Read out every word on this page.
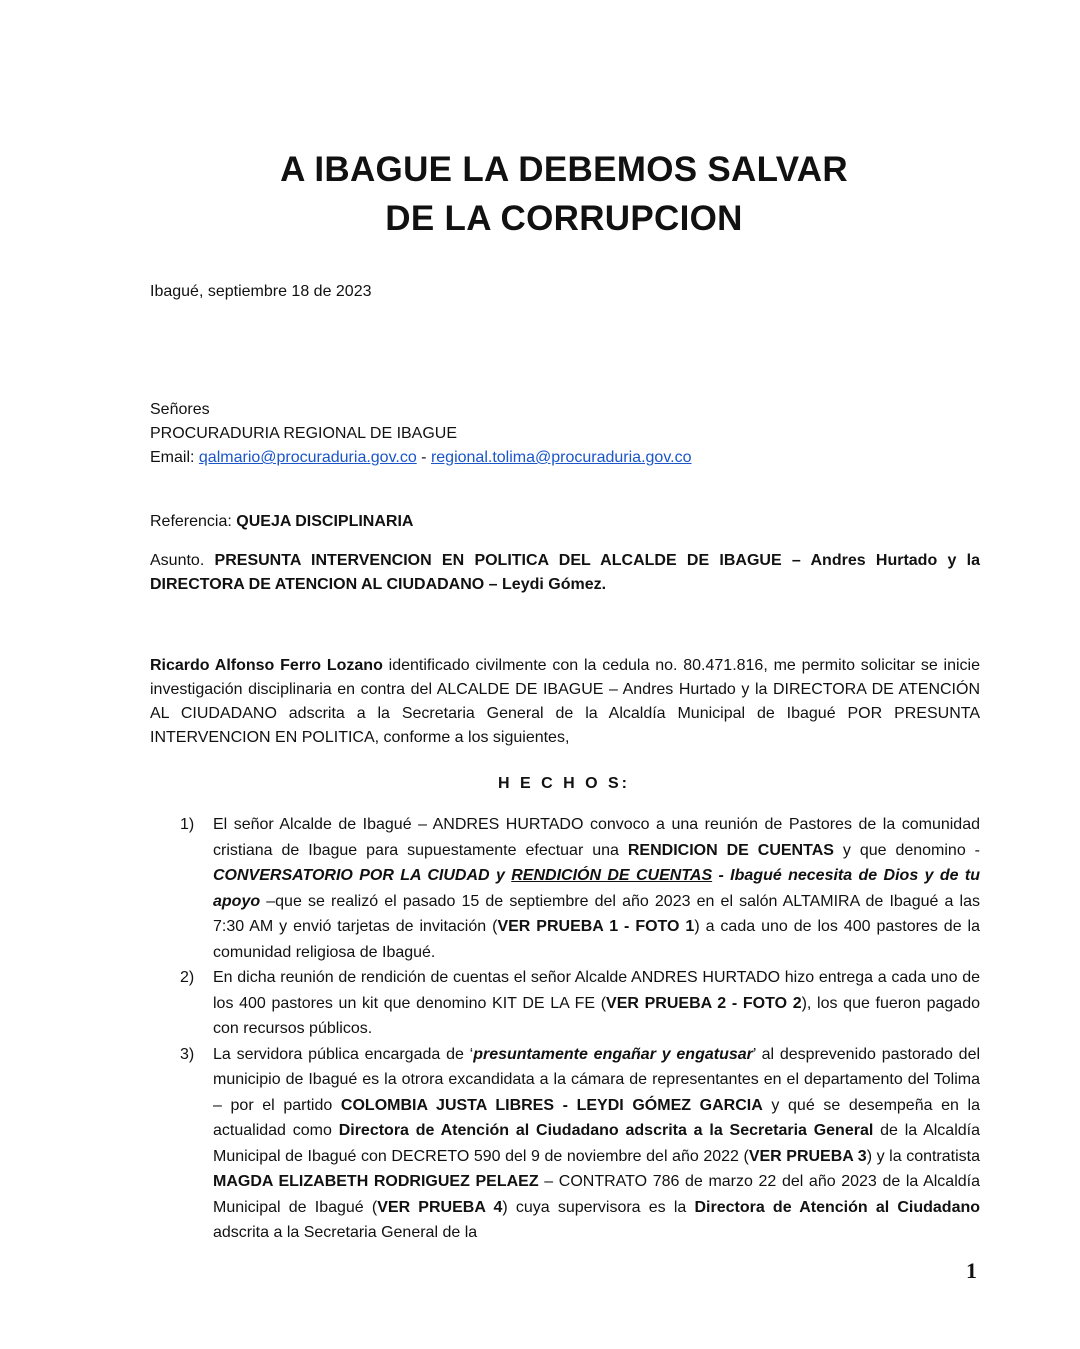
A IBAGUE LA DEBEMOS SALVAR
DE LA CORRUPCION
Ibagué, septiembre 18 de 2023
Señores
PROCURADURIA REGIONAL DE IBAGUE
Email: qalmario@procuraduria.gov.co - regional.tolima@procuraduria.gov.co
Referencia: QUEJA DISCIPLINARIA
Asunto. PRESUNTA INTERVENCION EN POLITICA DEL ALCALDE DE IBAGUE – Andres Hurtado y la DIRECTORA DE ATENCION AL CIUDADANO – Leydi Gómez.
Ricardo Alfonso Ferro Lozano identificado civilmente con la cedula no. 80.471.816, me permito solicitar se inicie investigación disciplinaria en contra del ALCALDE DE IBAGUE – Andres Hurtado y la DIRECTORA DE ATENCIÓN AL CIUDADANO adscrita a la Secretaria General de la Alcaldía Municipal de Ibagué POR PRESUNTA INTERVENCION EN POLITICA, conforme a los siguientes,
H E C H O S:
1) El señor Alcalde de Ibagué – ANDRES HURTADO convoco a una reunión de Pastores de la comunidad cristiana de Ibague para supuestamente efectuar una RENDICION DE CUENTAS y que denomino - CONVERSATORIO POR LA CIUDAD y RENDICIÓN DE CUENTAS - Ibagué necesita de Dios y de tu apoyo –que se realizó el pasado 15 de septiembre del año 2023 en el salón ALTAMIRA de Ibagué a las 7:30 AM y envió tarjetas de invitación (VER PRUEBA 1 - FOTO 1) a cada uno de los 400 pastores de la comunidad religiosa de Ibagué.
2) En dicha reunión de rendición de cuentas el señor Alcalde ANDRES HURTADO hizo entrega a cada uno de los 400 pastores un kit que denomino KIT DE LA FE (VER PRUEBA 2 - FOTO 2), los que fueron pagado con recursos públicos.
3) La servidora pública encargada de ‘presuntamente engañar y engatusar’ al desprevenido pastorado del municipio de Ibagué es la otrora excandidata a la cámara de representantes en el departamento del Tolima – por el partido COLOMBIA JUSTA LIBRES - LEYDI GÓMEZ GARCIA y qué se desempeña en la actualidad como Directora de Atención al Ciudadano adscrita a la Secretaria General de la Alcaldía Municipal de Ibagué con DECRETO 590 del 9 de noviembre del año 2022 (VER PRUEBA 3) y la contratista MAGDA ELIZABETH RODRIGUEZ PELAEZ – CONTRATO 786 de marzo 22 del año 2023 de la Alcaldía Municipal de Ibagué (VER PRUEBA 4) cuya supervisora es la Directora de Atención al Ciudadano adscrita a la Secretaria General de la
1
